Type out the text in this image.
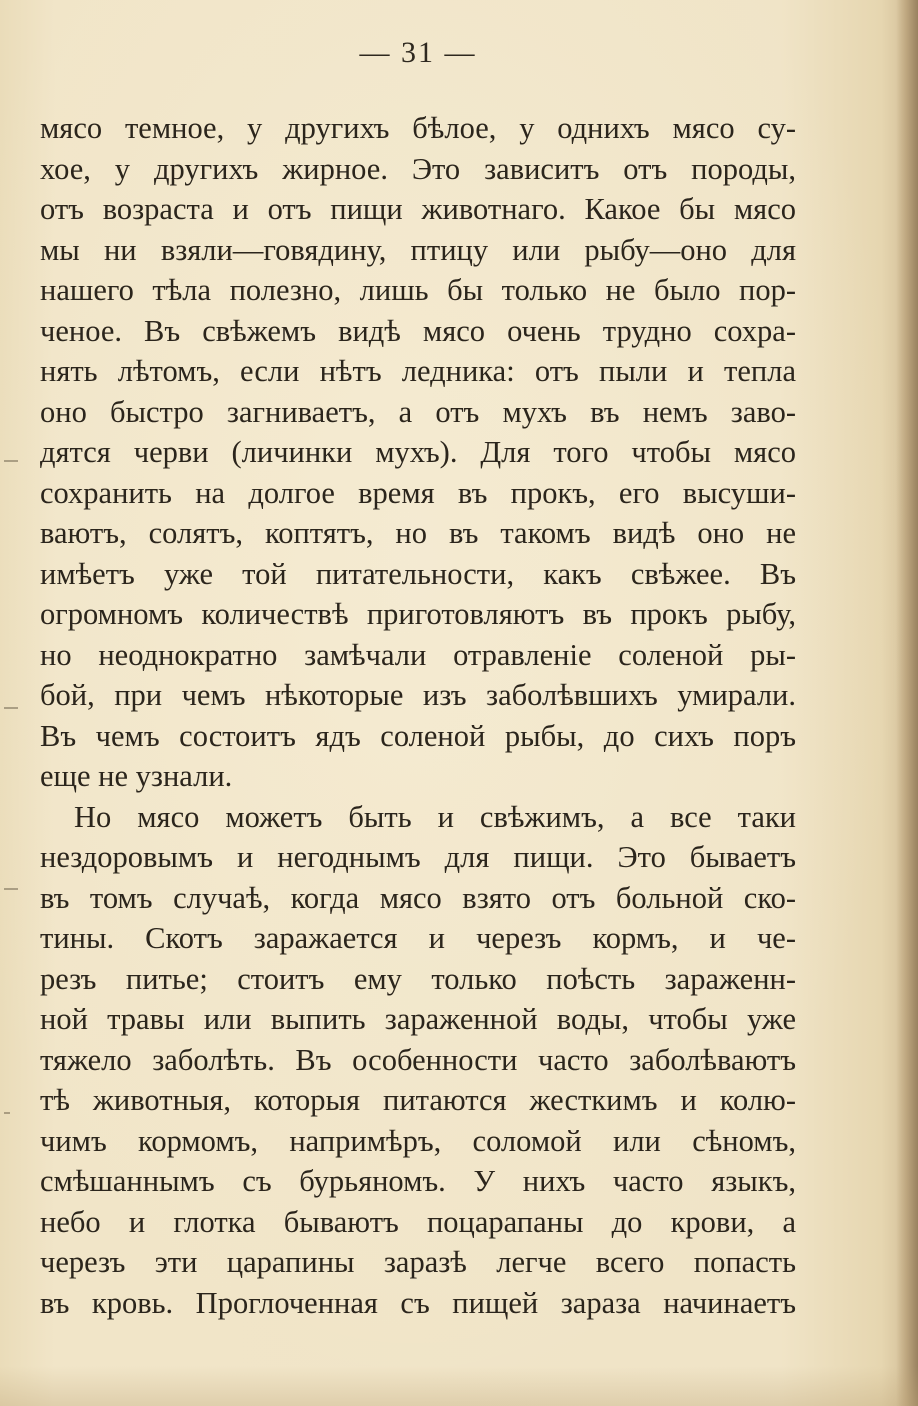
— 31 —
мясо темное, у другихъ бѣлое, у однихъ мясо су-
хое, у другихъ жирное. Это зависитъ отъ породы,
отъ возраста и отъ пищи животнаго. Какое бы мясо
мы ни взяли—говядину, птицу или рыбу—оно для
нашего тѣла полезно, лишь бы только не было пор-
ченое. Въ свѣжемъ видѣ мясо очень трудно сохра-
нять лѣтомъ, если нѣтъ ледника: отъ пыли и тепла
оно быстро загниваетъ, а отъ мухъ въ немъ заво-
дятся черви (личинки мухъ). Для того чтобы мясо
сохранить на долгое время въ прокъ, его высуши-
ваютъ, солятъ, коптятъ, но въ такомъ видѣ оно не
имѣетъ уже той питательности, какъ свѣжее. Въ
огромномъ количествѣ приготовляютъ въ прокъ рыбу,
но неоднократно замѣчали отравленіе соленой ры-
бой, при чемъ нѣкоторые изъ заболѣвшихъ умирали.
Въ чемъ состоитъ ядъ соленой рыбы, до сихъ поръ
еще не узнали.
Но мясо можетъ быть и свѣжимъ, а все таки
нездоровымъ и негоднымъ для пищи. Это бываетъ
въ томъ случаѣ, когда мясо взято отъ больной ско-
тины. Скотъ заражается и черезъ кормъ, и че-
резъ питье; стоитъ ему только поѣсть зараженн-
ной травы или выпить зараженной воды, чтобы уже
тяжело заболѣть. Въ особенности часто заболѣваютъ
тѣ животныя, которыя питаются жесткимъ и колю-
чимъ кормомъ, напримѣръ, соломой или сѣномъ,
смѣшаннымъ съ бурьяномъ. У нихъ часто языкъ,
небо и глотка бываютъ поцарапаны до крови, а
черезъ эти царапины заразѣ легче всего попасть
въ кровь. Проглоченная съ пищей зараза начинаетъ
